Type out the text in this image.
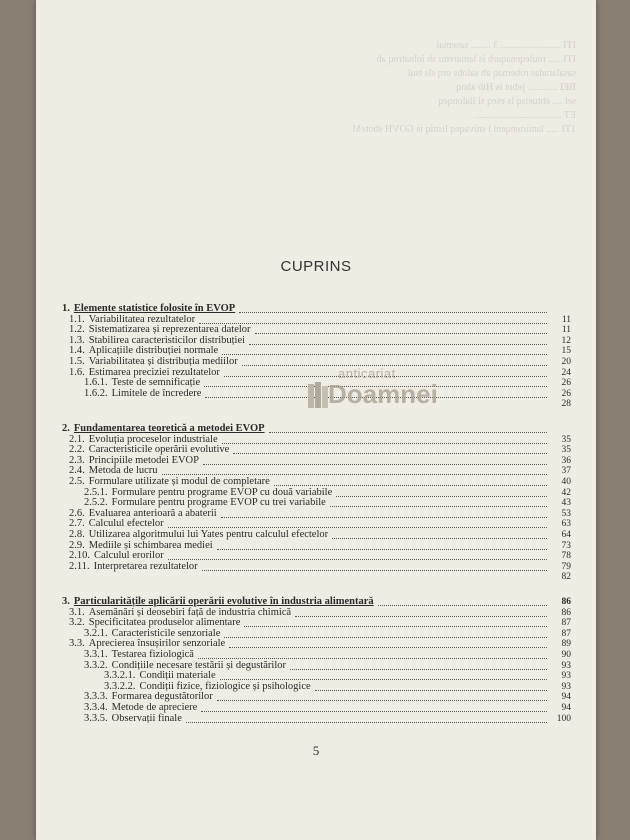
ITI ........................ 3 ........ sasemai
ITI ..... rouleqenaqurb is lamaretni sb iolnatroq ab
sasalaradas robernaq ab salobs orq sls tsul
BEI ............ jebot is Hib ahoq
sel .... ehtueisq is eseq sl ilalonqeq
ET ...................................
1TI ..... lamirtenqeni l snivaqeq lisniq is GOVH sboteM
CUPRINS
1. Elemente statistice folosite în EVOP
1.1. Variabilitatea rezultatelor	11
1.2. Sistematizarea și reprezentarea datelor	11
1.3. Stabilirea caracteristicilor distribuției	12
1.4. Aplicațiile distribuției normale	15
1.5. Variabilitatea și distribuția mediilor	20
1.6. Estimarea preciziei rezultatelor	24
1.6.1. Teste de semnificație	26
1.6.2. Limitele de încredere	26
28
2. Fundamentarea teoretică a metodei EVOP
2.1. Evoluția proceselor industriale	35
2.2. Caracteristicile operării evolutive	35
2.3. Principiile metodei EVOP	36
2.4. Metoda de lucru	37
2.5. Formulare utilizate și modul de completare	40
2.5.1. Formulare pentru programe EVOP cu două variabile	42
2.5.2. Formulare pentru programe EVOP cu trei variabile	43
2.6. Evaluarea anterioară a abaterii	53
2.7. Calculul efectelor	63
2.8. Utilizarea algoritmului lui Yates pentru calculul efectelor	64
2.9. Mediile și schimbarea mediei	73
2.10. Calculul erorilor	78
2.11. Interpretarea rezultatelor	79
82
3. Particularitățile aplicării operării evolutive în industria alimentară	86
3.1. Asemănări și deosebiri față de industria chimică	86
3.2. Specificitatea produselor alimentare	87
3.2.1. Caracteristicile senzoriale	87
3.3. Aprecierea însușirilor senzoriale	89
3.3.1. Testarea fiziologică	90
3.3.2. Condițiile necesare testării și degustărilor	93
3.3.2.1. Condiții materiale	93
3.3.2.2. Condiții fizice, fiziologice și psihologice	93
3.3.3. Formarea degustătorilor	94
3.3.4. Metode de apreciere	94
3.3.5. Observații finale	100
anticariat
Doamnei
5
